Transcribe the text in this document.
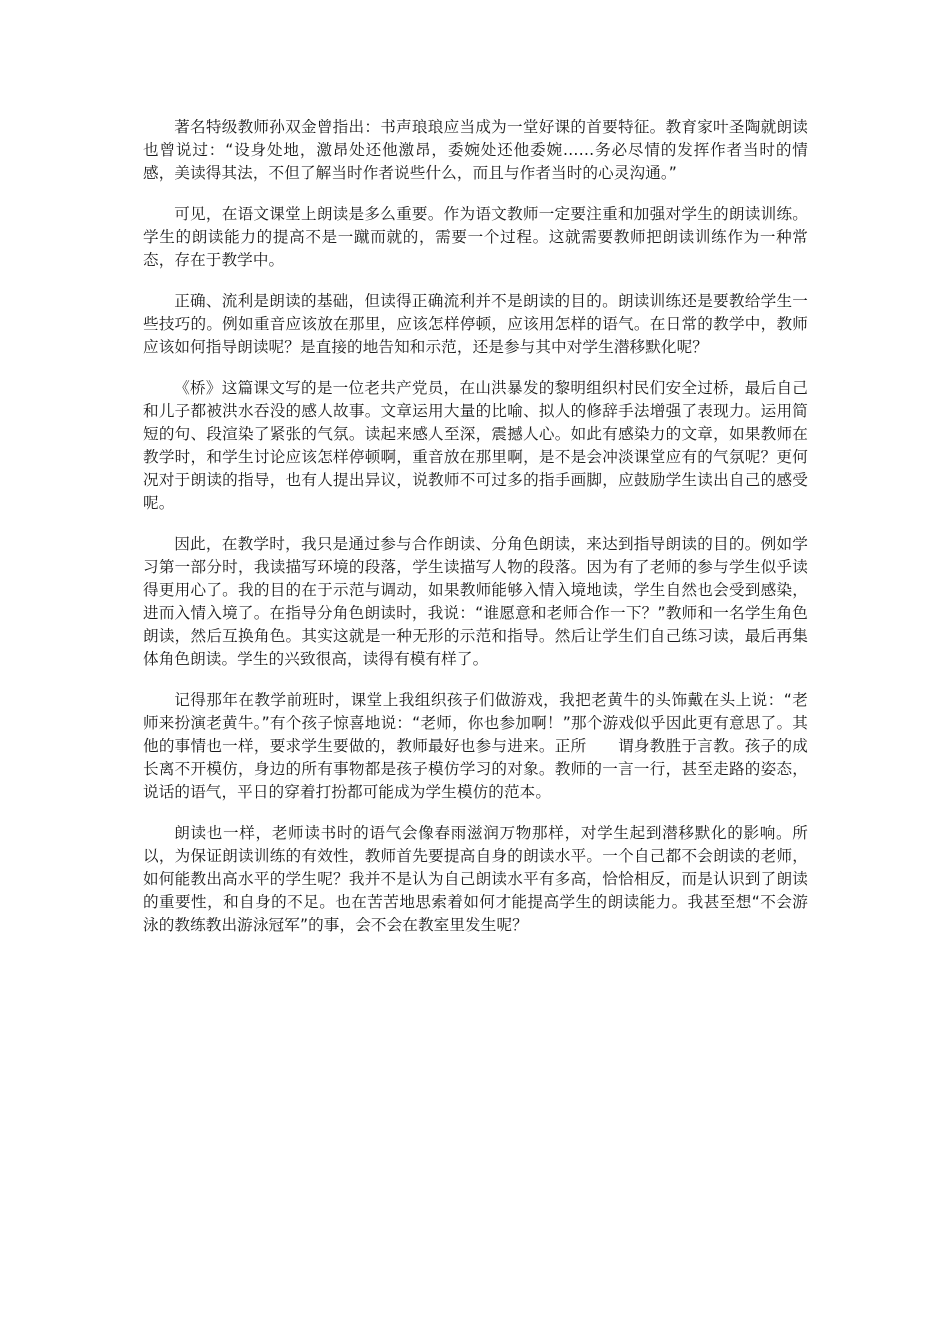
著名特级教师孙双金曾指出：书声琅琅应当成为一堂好课的首要特征。教育家叶圣陶就朗读也曾说过：“设身处地，激昂处还他激昂，委婉处还他委婉……务必尽情的发挥作者当时的情感，美读得其法，不但了解当时作者说些什么，而且与作者当时的心灵沟通。”

可见，在语文课堂上朗读是多么重要。作为语文教师一定要注重和加强对学生的朗读训练。学生的朗读能力的提高不是一蹴而就的，需要一个过程。这就需要教师把朗读训练作为一种常态，存在于教学中。

正确、流利是朗读的基础，但读得正确流利并不是朗读的目的。朗读训练还是要教给学生一些技巧的。例如重音应该放在那里，应该怎样停顿，应该用怎样的语气。在日常的教学中，教师应该如何指导朗读呢？是直接的地告知和示范，还是参与其中对学生潜移默化呢？

《桥》这篇课文写的是一位老共产党员，在山洪暴发的黎明组织村民们安全过桥，最后自己和儿子都被洪水吞没的感人故事。文章运用大量的比喻、拟人的修辞手法增强了表现力。运用简短的句、段渲染了紧张的气氛。读起来感人至深，震撼人心。如此有感染力的文章，如果教师在教学时，和学生讨论应该怎样停顿啊，重音放在那里啊，是不是会冲淡课堂应有的气氛呢？更何况对于朗读的指导，也有人提出异议，说教师不可过多的指手画脚，应鼓励学生读出自己的感受呢。

因此，在教学时，我只是通过参与合作朗读、分角色朗读，来达到指导朗读的目的。例如学习第一部分时，我读描写环境的段落，学生读描写人物的段落。因为有了老师的参与学生似乎读得更用心了。我的目的在于示范与调动，如果教师能够入情入境地读，学生自然也会受到感染，进而入情入境了。在指导分角色朗读时，我说：“谁愿意和老师合作一下？”教师和一名学生角色朗读，然后互换角色。其实这就是一种无形的示范和指导。然后让学生们自己练习读，最后再集体角色朗读。学生的兴致很高，读得有模有样了。

记得那年在教学前班时，课堂上我组织孩子们做游戏，我把老黄牛的头饰戴在头上说：“老师来扮演老黄牛。”有个孩子惊喜地说：“老师，你也参加啊！”那个游戏似乎因此更有意思了。其他的事情也一样，要求学生要做的，教师最好也参与进来。正所　　谓身教胜于言教。孩子的成长离不开模仿，身边的所有事物都是孩子模仿学习的对象。教师的一言一行，甚至走路的姿态，说话的语气，平日的穿着打扮都可能成为学生模仿的范本。

朗读也一样，老师读书时的语气会像春雨滋润万物那样，对学生起到潜移默化的影响。所以，为保证朗读训练的有效性，教师首先要提高自身的朗读水平。一个自己都不会朗读的老师，如何能教出高水平的学生呢？我并不是认为自己朗读水平有多高，恰恰相反，而是认识到了朗读的重要性，和自身的不足。也在苦苦地思索着如何才能提高学生的朗读能力。我甚至想“不会游泳的教练教出游泳冠军”的事，会不会在教室里发生呢？
